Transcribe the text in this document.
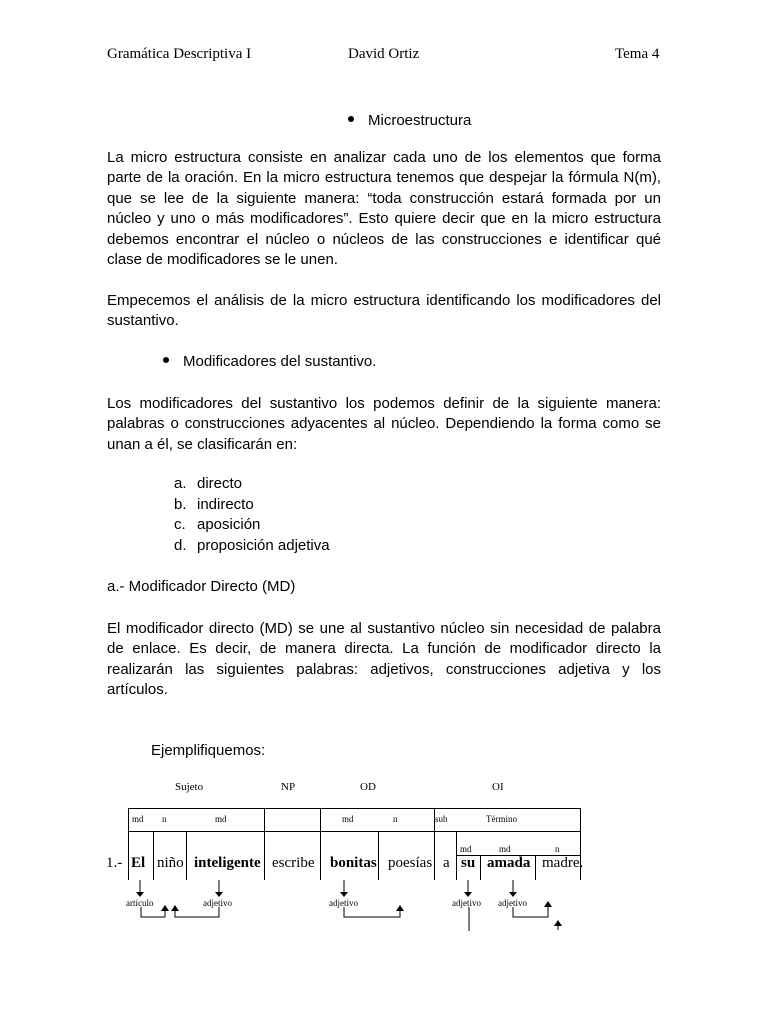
Gramática Descriptiva I	David Ortiz	Tema 4
Microestructura
La micro estructura consiste en analizar cada uno de los elementos que forma parte de la oración. En la micro estructura tenemos que despejar la fórmula N(m), que se lee de la siguiente manera: “toda construcción estará formada por un núcleo y uno o más modificadores”. Esto quiere decir que en la micro estructura debemos encontrar el núcleo o núcleos de las construcciones e identificar qué clase de modificadores se le unen.
Empecemos el análisis de la micro estructura identificando los modificadores del sustantivo.
Modificadores del sustantivo.
Los modificadores del sustantivo los podemos definir de la siguiente manera: palabras o construcciones adyacentes al núcleo. Dependiendo la forma como se unan a él, se clasificarán en:
a. directo
b. indirecto
c. aposición
d. proposición adjetiva
a.- Modificador Directo (MD)
El modificador directo (MD) se une al sustantivo núcleo sin necesidad de palabra de enlace. Es decir, de manera directa. La función de modificador directo la realizarán las siguientes palabras: adjetivos, construcciones adjetiva y los artículos.
Ejemplifiquemos:
Sujeto	NP	OD	OI
md n	md	md	n	sub	Término
md	md	n
1.- El niño inteligente escribe bonitas poesías a su amada madre.
artículo	adjetivo	adjetivo	adjetivo adjetivo
